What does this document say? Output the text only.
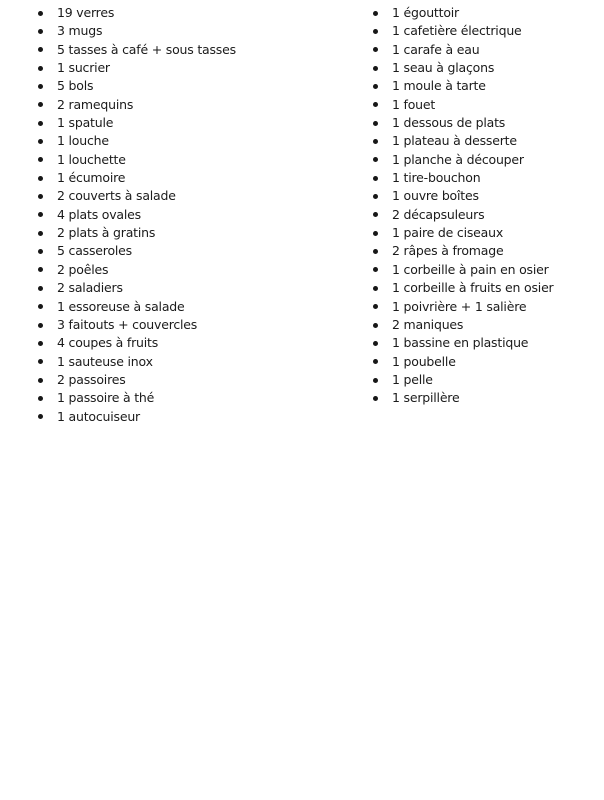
19 verres
3 mugs
5 tasses à café + sous tasses
1 sucrier
5 bols
2 ramequins
1 spatule
1 louche
1 louchette
1 écumoire
2 couverts à salade
4 plats ovales
2 plats à gratins
5 casseroles
2 poêles
2 saladiers
1 essoreuse à salade
3 faitouts + couvercles
4 coupes à fruits
1 sauteuse inox
2 passoires
1 passoire à thé
1 autocuiseur
1 égouttoir
1 cafetière électrique
1 carafe à eau
1 seau à glaçons
1 moule à tarte
1 fouet
1 dessous de plats
1 plateau à desserte
1 planche à découper
1 tire-bouchon
1 ouvre boîtes
2 décapsuleurs
1 paire de ciseaux
2 râpes à fromage
1 corbeille à pain en osier
1 corbeille à fruits en osier
1 poivrière + 1 salière
2 maniques
1 bassine en plastique
1 poubelle
1 pelle
1 serpillère
